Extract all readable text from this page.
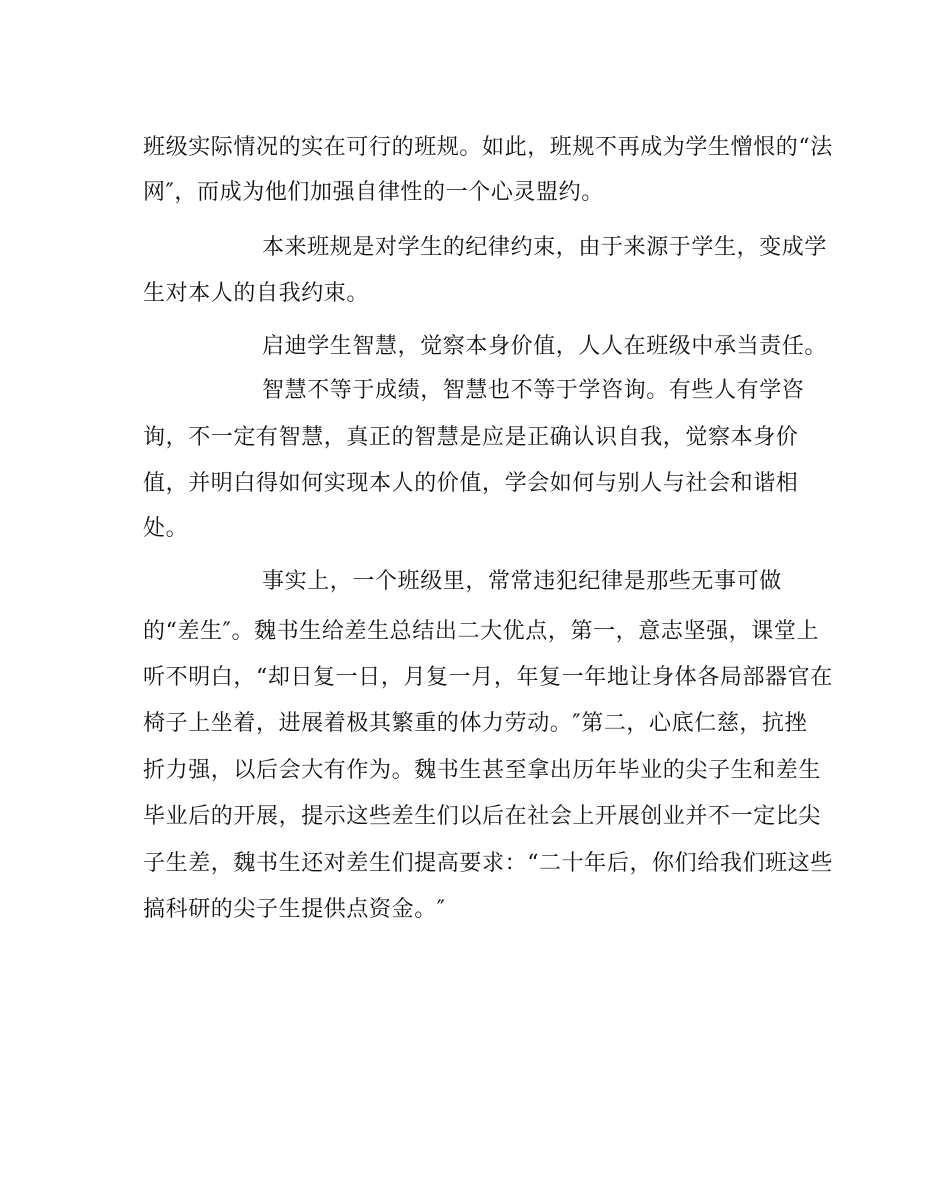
班级实际情况的实在可行的班规。如此，班规不再成为学生憎恨的“法
网″，而成为他们加强自律性的一个心灵盟约。
本来班规是对学生的纪律约束，由于来源于学生，变成学
生对本人的自我约束。
启迪学生智慧，觉察本身价值，人人在班级中承当责任。
智慧不等于成绩，智慧也不等于学咨询。有些人有学咨
询，不一定有智慧，真正的智慧是应是正确认识自我，觉察本身价
值，并明白得如何实现本人的价值，学会如何与别人与社会和谐相
处。
事实上，一个班级里，常常违犯纪律是那些无事可做
的“差生″。魏书生给差生总结出二大优点，第一，意志坚强，课堂上
听不明白，“却日复一日，月复一月，年复一年地让身体各局部器官在
椅子上坐着，进展着极其繁重的体力劳动。″第二，心底仁慈，抗挫
折力强，以后会大有作为。魏书生甚至拿出历年毕业的尖子生和差生
毕业后的开展，提示这些差生们以后在社会上开展创业并不一定比尖
子生差，魏书生还对差生们提高要求：“二十年后，你们给我们班这些
搞科研的尖子生提供点资金。″
